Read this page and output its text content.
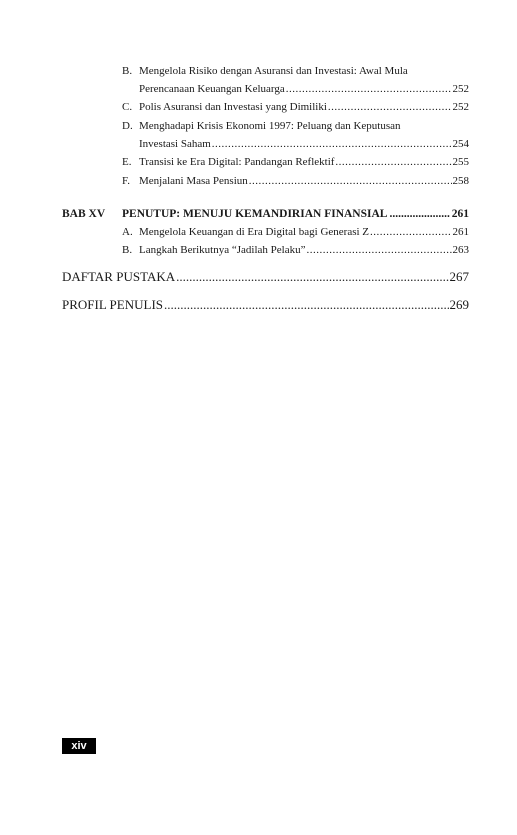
B. Mengelola Risiko dengan Asuransi dan Investasi: Awal Mula
Perencanaan Keuangan Keluarga .....	252
C. Polis Asuransi dan Investasi yang Dimiliki .....	252
D. Menghadapi Krisis Ekonomi 1997: Peluang dan Keputusan
Investasi Saham .....	254
E. Transisi ke Era Digital: Pandangan Reflektif .....	255
F. Menjalani Masa Pensiun .....	258
BAB XV	PENUTUP: MENUJU KEMANDIRIAN FINANSIAL .....	261
A. Mengelola Keuangan di Era Digital bagi Generasi Z .....	261
B. Langkah Berikutnya “Jadilah Pelaku” .....	263
DAFTAR PUSTAKA .....	267
PROFIL PENULIS .....	269
xiv
